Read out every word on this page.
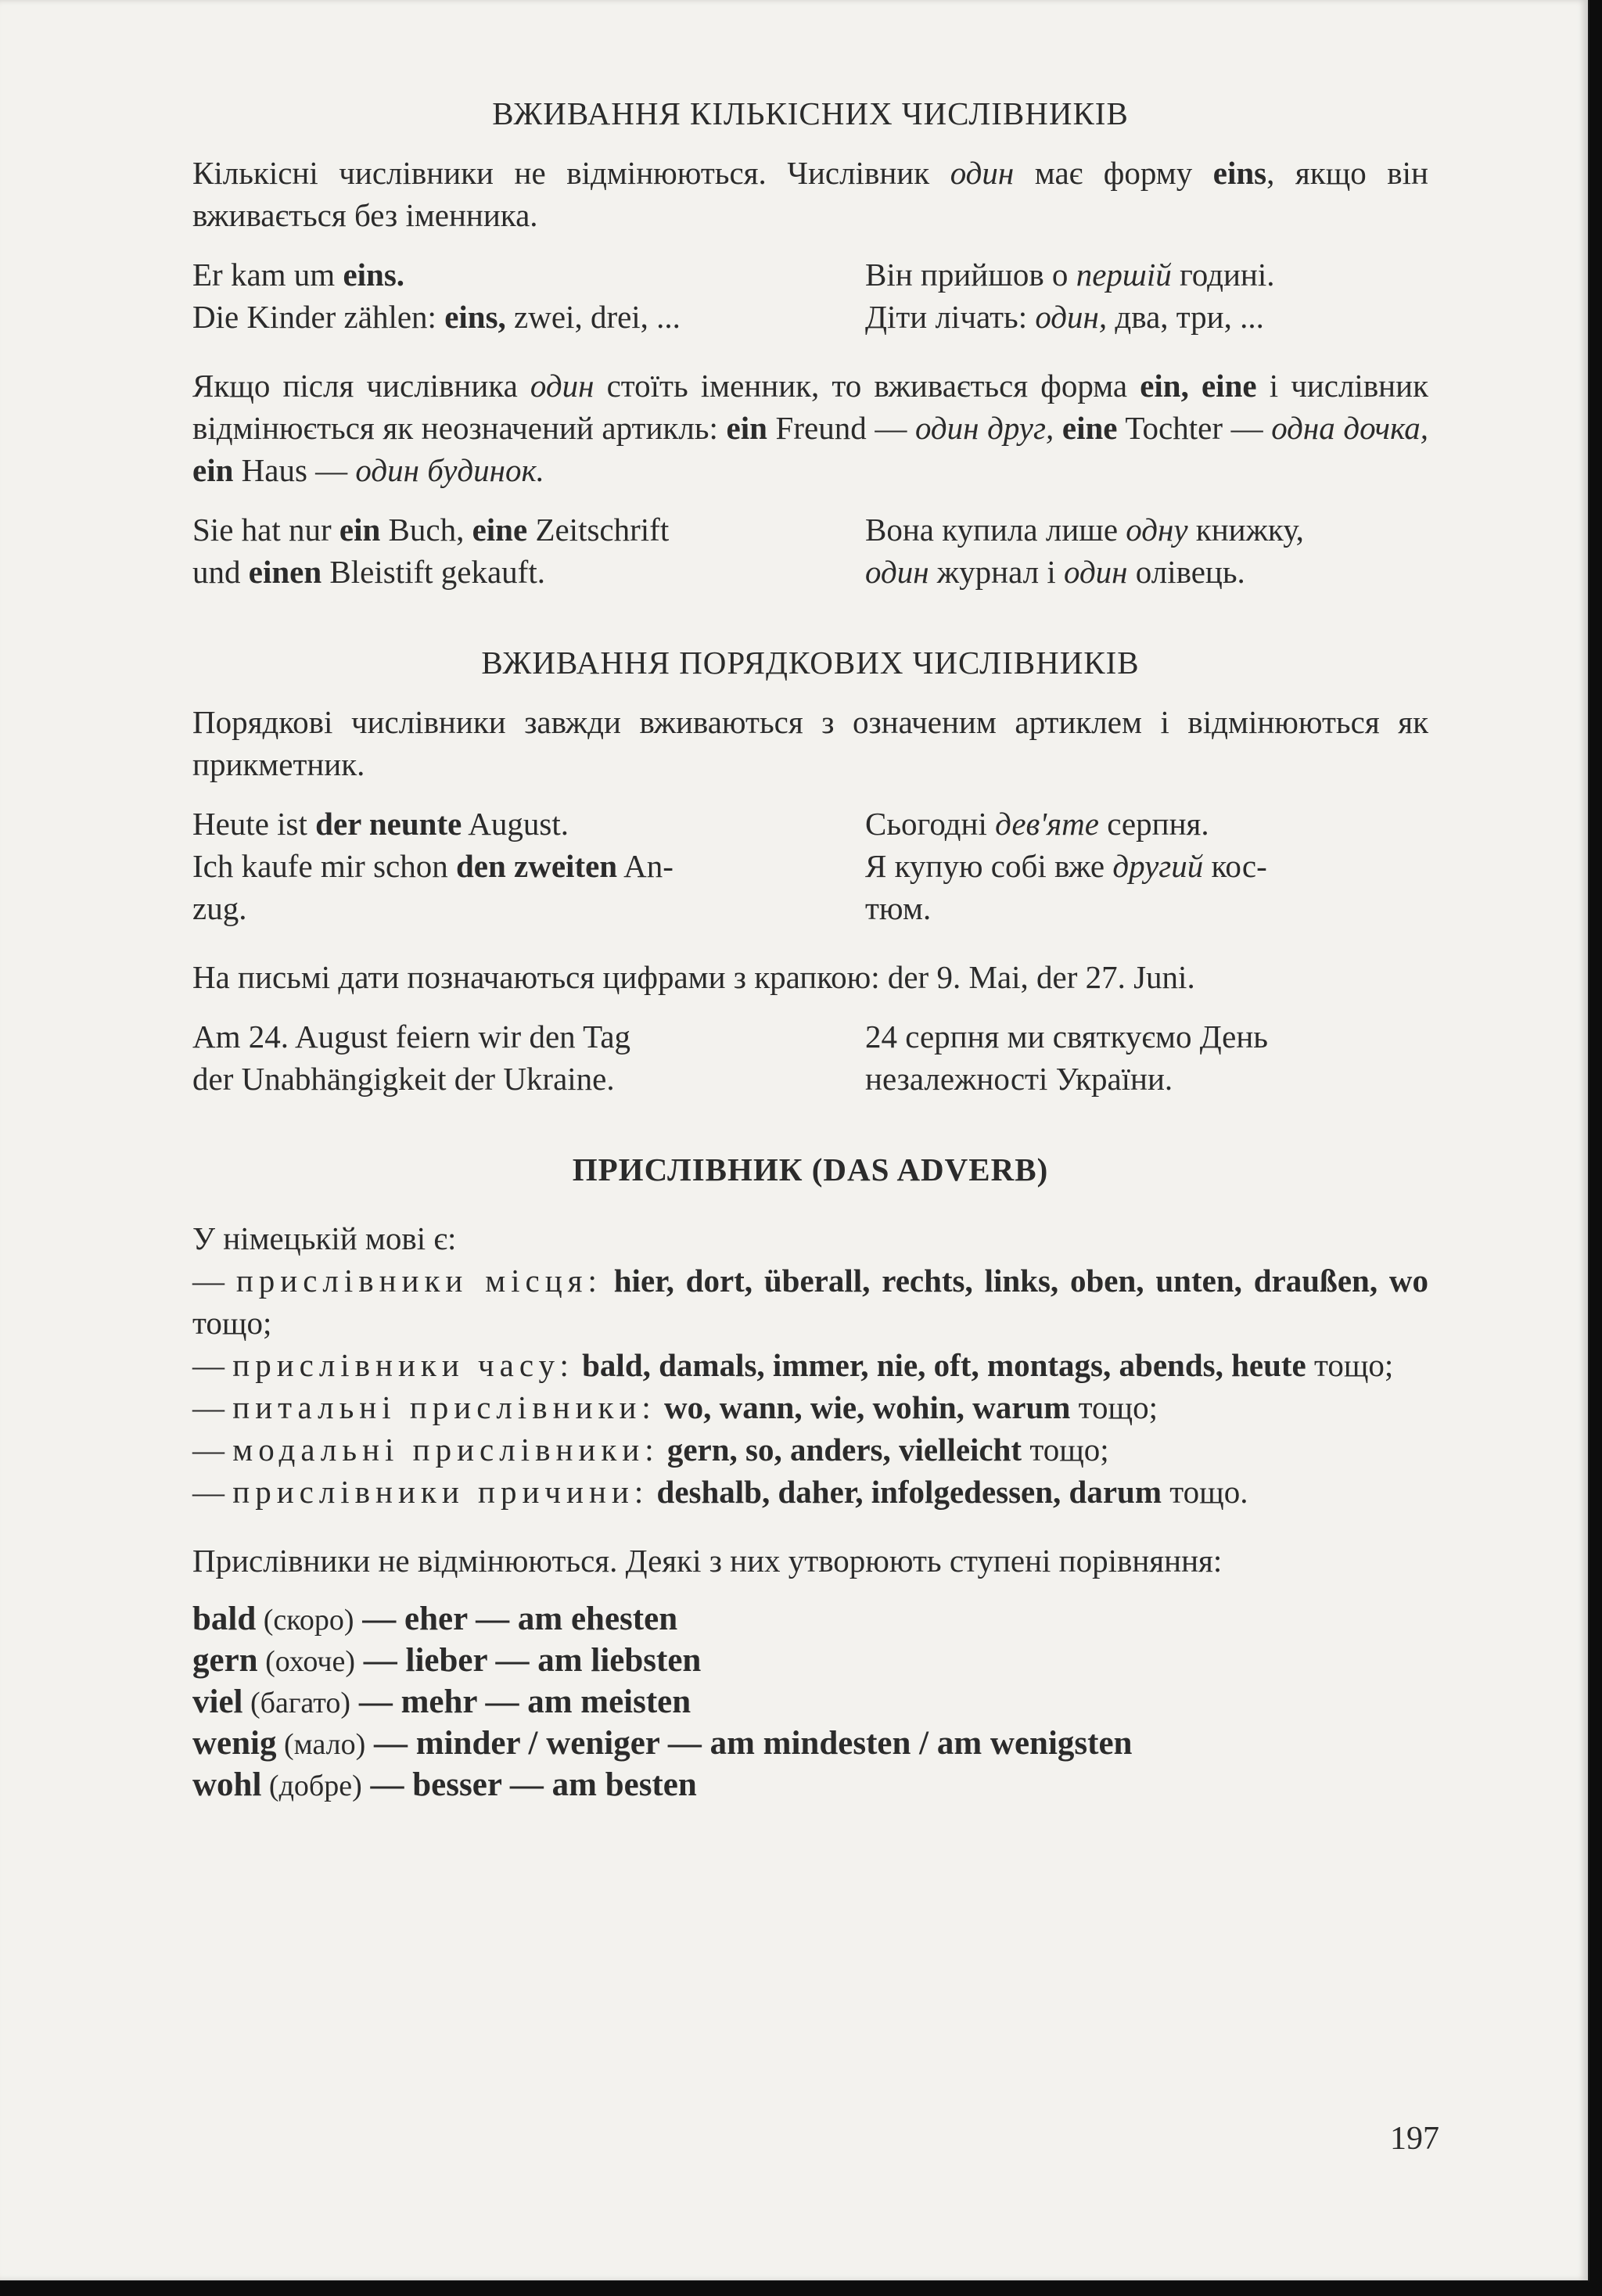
ВЖИВАННЯ КІЛЬКІСНИХ ЧИСЛІВНИКІВ

Кількісні числівники не відмінюються. Числівник один має форму eins, якщо він вживається без іменника.

Er kam um eins.
Die Kinder zählen: eins, zwei, drei, ...
Він прийшов о першій годині.
Діти лічать: один, два, три, ...

Якщо після числівника один стоїть іменник, то вживається форма ein, eine і числівник відмінюється як неозначений артикль: ein Freund — один друг, eine Tochter — одна дочка, ein Haus — один будинок.

Sie hat nur ein Buch, eine Zeitschrift
und einen Bleistift gekauft.
Вона купила лише одну книжку,
один журнал і один олівець.
ВЖИВАННЯ ПОРЯДКОВИХ ЧИСЛІВНИКІВ

Порядкові числівники завжди вживаються з означеним артиклем і відмінюються як прикметник.

Heute ist der neunte August.
Ich kaufe mir schon den zweiten An-
zug.
Сьогодні дев'яте серпня.
Я купую собі вже другий кос-
тюм.

На письмі дати позначаються цифрами з крапкою: der 9. Mai, der 27. Juni.

Am 24. August feiern wir den Tag
der Unabhängigkeit der Ukraine.
24 серпня ми святкуємо День
незалежності України.
ПРИСЛІВНИК (DAS ADVERB)

У німецькій мові є:

— прислівники місця: hier, dort, überall, rechts, links, oben, unten, draußen, wo тощо;

— прислівники часу: bald, damals, immer, nie, oft, montags, abends, heute тощо;

— питальні прислівники: wo, wann, wie, wohin, warum тощо;

— модальні прислівники: gern, so, anders, vielleicht тощо;

— прислівники причини: deshalb, daher, infolgedessen, darum тощо.

Прислівники не відмінюються. Деякі з них утворюють ступені порівняння:

bald (скоро) — eher — am ehesten
gern (охоче) — lieber — am liebsten
viel (багато) — mehr — am meisten
wenig (мало) — minder / weniger — am mindesten / am wenigsten
wohl (добре) — besser — am besten
197
